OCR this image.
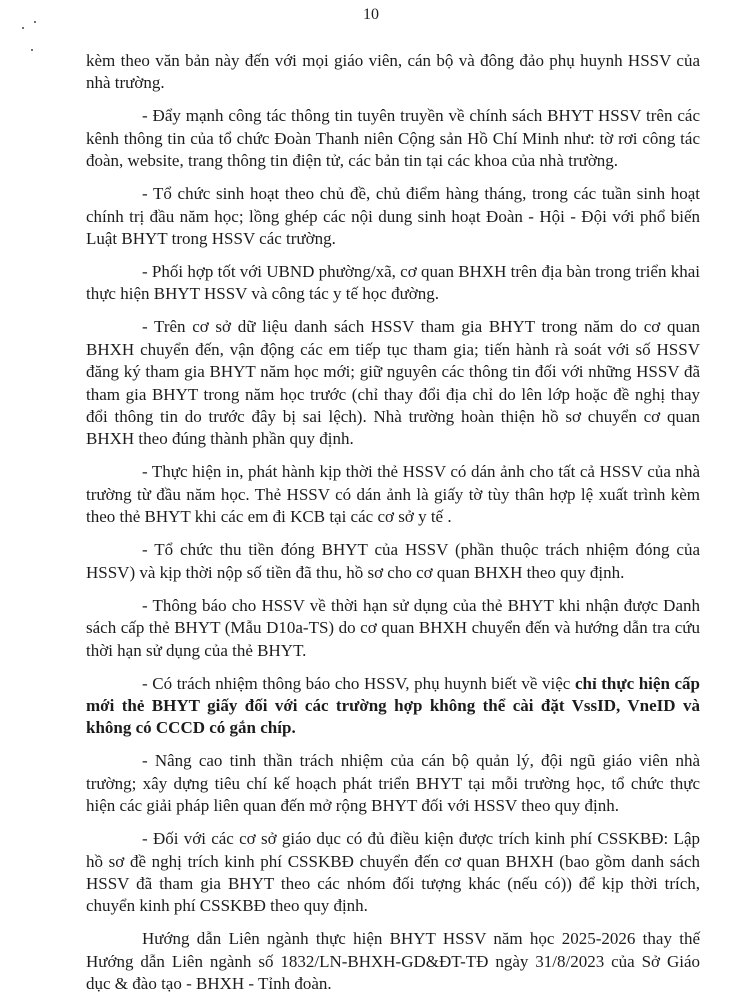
10

kèm theo văn bản này đến với mọi giáo viên, cán bộ và đông đảo phụ huynh HSSV của nhà trường.

- Đẩy mạnh công tác thông tin tuyên truyền về chính sách BHYT HSSV trên các kênh thông tin của tổ chức Đoàn Thanh niên Cộng sản Hồ Chí Minh như: tờ rơi công tác đoàn, website, trang thông tin điện tử, các bản tin tại các khoa của nhà trường.

- Tổ chức sinh hoạt theo chủ đề, chủ điểm hàng tháng, trong các tuần sinh hoạt chính trị đầu năm học; lồng ghép các nội dung sinh hoạt Đoàn - Hội - Đội với phổ biến Luật BHYT trong HSSV các trường.

- Phối hợp tốt với UBND phường/xã, cơ quan BHXH trên địa bàn trong triển khai thực hiện BHYT HSSV và công tác y tế học đường.

- Trên cơ sở dữ liệu danh sách HSSV tham gia BHYT trong năm do cơ quan BHXH chuyển đến, vận động các em tiếp tục tham gia; tiến hành rà soát với số HSSV đăng ký tham gia BHYT năm học mới; giữ nguyên các thông tin đối với những HSSV đã tham gia BHYT trong năm học trước (chỉ thay đổi địa chỉ do lên lớp hoặc đề nghị thay đổi thông tin do trước đây bị sai lệch). Nhà trường hoàn thiện hồ sơ chuyển cơ quan BHXH theo đúng thành phần quy định.

- Thực hiện in, phát hành kịp thời thẻ HSSV có dán ảnh cho tất cả HSSV của nhà trường từ đầu năm học. Thẻ HSSV có dán ảnh là giấy tờ tùy thân hợp lệ xuất trình kèm theo thẻ BHYT khi các em đi KCB tại các cơ sở y tế .

- Tổ chức thu tiền đóng BHYT của HSSV (phần thuộc trách nhiệm đóng của HSSV) và kịp thời nộp số tiền đã thu, hồ sơ cho cơ quan BHXH theo quy định.

- Thông báo cho HSSV về thời hạn sử dụng của thẻ BHYT khi nhận được Danh sách cấp thẻ BHYT (Mẫu D10a-TS) do cơ quan BHXH chuyển đến và hướng dẫn tra cứu thời hạn sử dụng của thẻ BHYT.

- Có trách nhiệm thông báo cho HSSV, phụ huynh biết về việc chỉ thực hiện cấp mới thẻ BHYT giấy đối với các trường hợp không thể cài đặt VssID, VneID và không có CCCD có gắn chíp.

- Nâng cao tinh thần trách nhiệm của cán bộ quản lý, đội ngũ giáo viên nhà trường; xây dựng tiêu chí kế hoạch phát triển BHYT tại mỗi trường học, tổ chức thực hiện các giải pháp liên quan đến mở rộng BHYT đối với HSSV theo quy định.

- Đối với các cơ sở giáo dục có đủ điều kiện được trích kinh phí CSSKBĐ: Lập hồ sơ đề nghị trích kinh phí CSSKBĐ chuyển đến cơ quan BHXH (bao gồm danh sách HSSV đã tham gia BHYT theo các nhóm đối tượng khác (nếu có)) để kịp thời trích, chuyển kinh phí CSSKBĐ theo quy định.

Hướng dẫn Liên ngành thực hiện BHYT HSSV năm học 2025-2026 thay thế Hướng dẫn Liên ngành số 1832/LN-BHXH-GD&ĐT-TĐ ngày 31/8/2023 của Sở Giáo dục & đào tạo - BHXH - Tỉnh đoàn.
